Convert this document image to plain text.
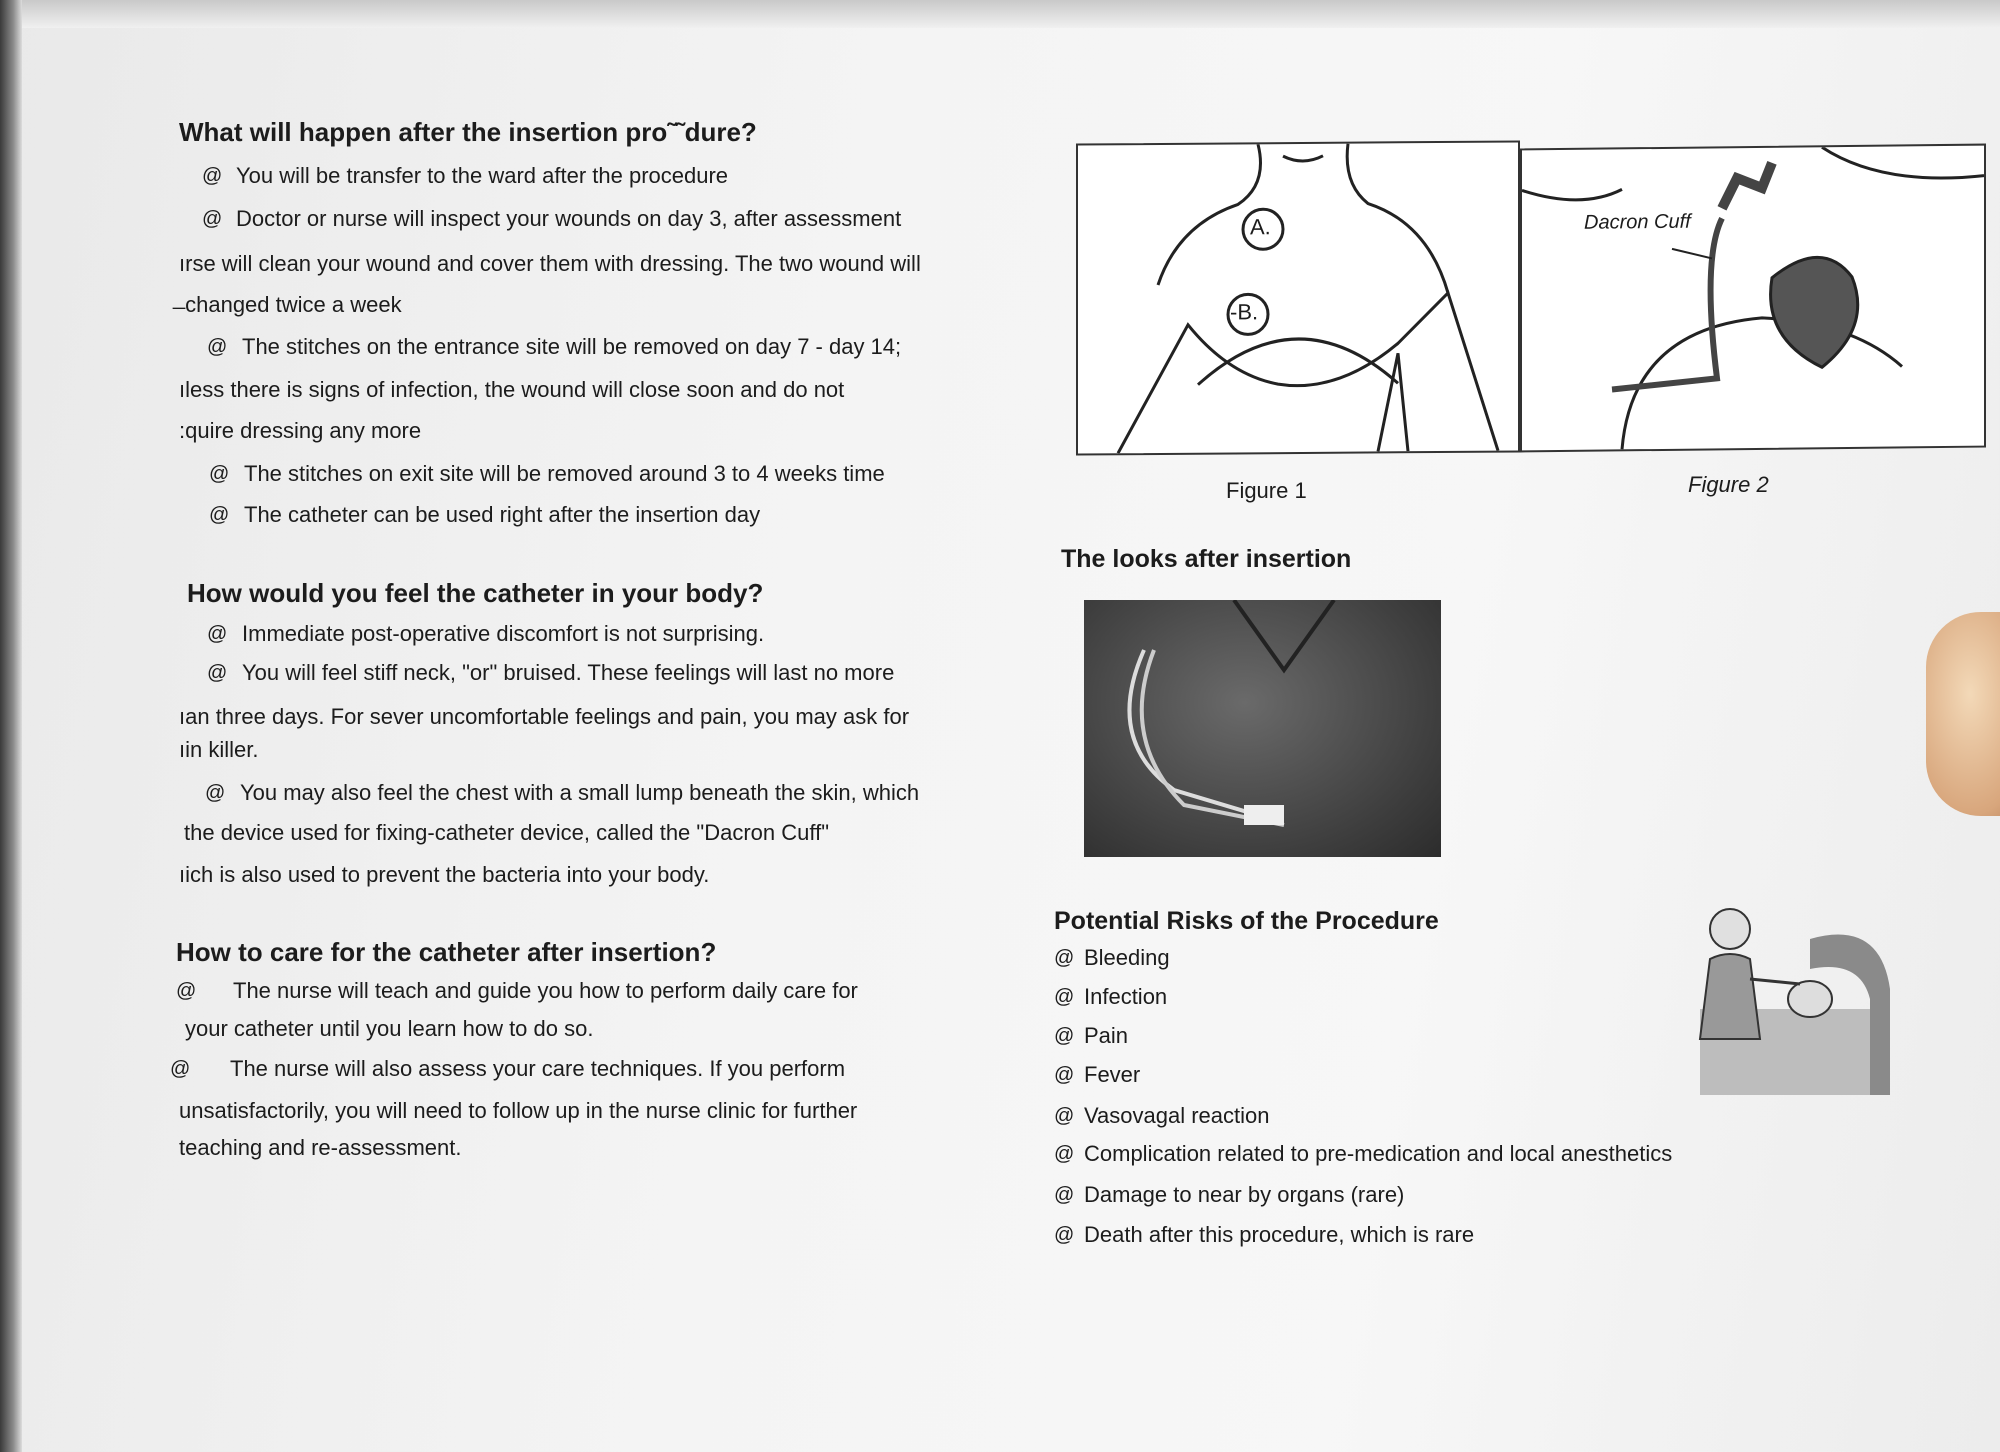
What will happen after the insertion pro˜˜dure?
@ You will be transfer to the ward after the procedure
@ Doctor or nurse will inspect your wounds on day 3, after assessment
ırse will clean your wound and cover them with dressing. The two wound will
̶ changed twice a week
@ The stitches on the entrance site will be removed on day 7 - day 14;
ıless there is signs of infection, the wound will close soon and do not
:quire dressing any more
@ The stitches on exit site will be removed around 3 to 4 weeks time
@ The catheter can be used right after the insertion day
How would you feel the catheter in your body?
@ Immediate post-operative discomfort is not surprising.
@ You will feel stiff neck, "or" bruised. These feelings will last no more
ıan three days. For sever uncomfortable feelings and pain, you may ask for
ıin killer.
@ You may also feel the chest with a small lump beneath the skin, which
the device used for fixing-catheter device, called the "Dacron Cuff"
ıich is also used to prevent the bacteria into your body.
How to care for the catheter after insertion?
@ The nurse will teach and guide you how to perform daily care for
your catheter until you learn how to do so.
@ The nurse will also assess your care techniques. If you perform
unsatisfactorily, you will need to follow up in the nurse clinic for further
teaching and re-assessment.
A.
-B.
Figure 1
Dacron Cuff
Figure 2
The looks after insertion
Potential Risks of the Procedure
@ Bleeding
@ Infection
@ Pain
@ Fever
@ Vasovagal reaction
@ Complication related to pre-medication and local anesthetics
@ Damage to near by organs (rare)
@ Death after this procedure, which is rare
